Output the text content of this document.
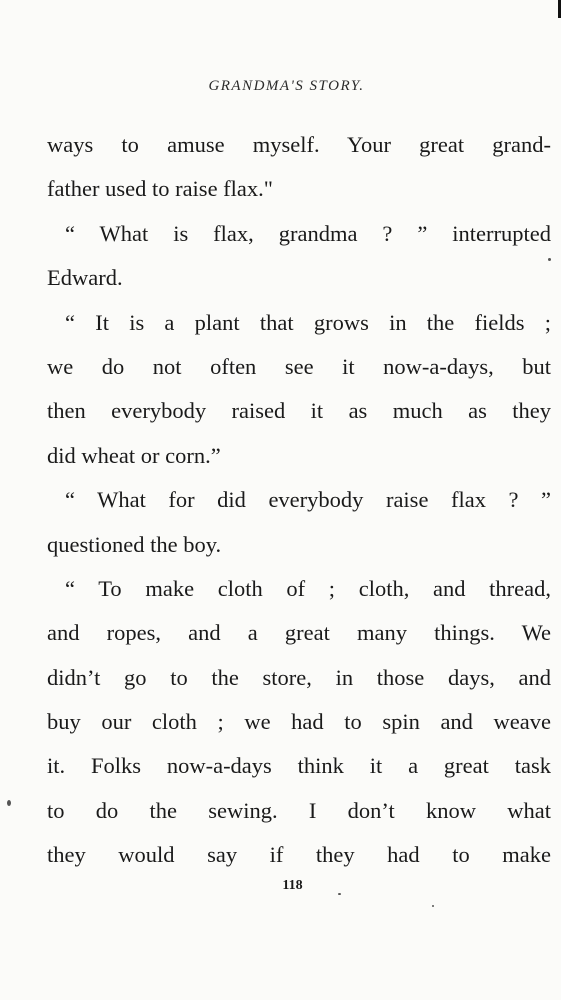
GRANDMA'S STORY.
ways to amuse myself. Your great grand-
father used to raise flax."
“ What is flax, grandma ? ” interrupted
Edward.
“ It is a plant that grows in the fields ;
we do not often see it now-a-days, but
then everybody raised it as much as they
did wheat or corn.”
“ What for did everybody raise flax ? ”
questioned the boy.
“ To make cloth of ; cloth, and thread,
and ropes, and a great many things. We
didn’t go to the store, in those days, and
buy our cloth ; we had to spin and weave
it. Folks now-a-days think it a great task
to do the sewing. I don’t know what
they would say if they had to make
118
